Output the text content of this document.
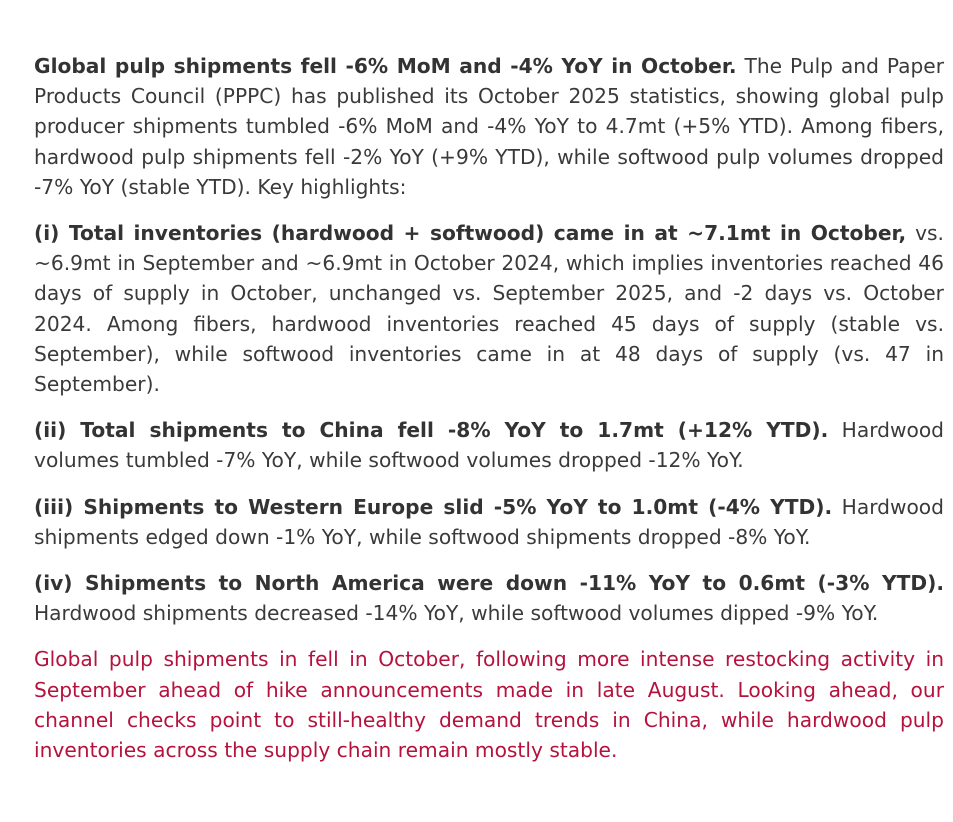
Global pulp shipments fell -6% MoM and -4% YoY in October. The Pulp and Paper Products Council (PPPC) has published its October 2025 statistics, showing global pulp producer shipments tumbled -6% MoM and -4% YoY to 4.7mt (+5% YTD). Among fibers, hardwood pulp shipments fell -2% YoY (+9% YTD), while softwood pulp volumes dropped -7% YoY (stable YTD). Key highlights:

(i) Total inventories (hardwood + softwood) came in at ~7.1mt in October, vs. ~6.9mt in September and ~6.9mt in October 2024, which implies inventories reached 46 days of supply in October, unchanged vs. September 2025, and -2 days vs. October 2024. Among fibers, hardwood inventories reached 45 days of supply (stable vs. September), while softwood inventories came in at 48 days of supply (vs. 47 in September).

(ii) Total shipments to China fell -8% YoY to 1.7mt (+12% YTD). Hardwood volumes tumbled -7% YoY, while softwood volumes dropped -12% YoY.

(iii) Shipments to Western Europe slid -5% YoY to 1.0mt (-4% YTD). Hardwood shipments edged down -1% YoY, while softwood shipments dropped -8% YoY.

(iv) Shipments to North America were down -11% YoY to 0.6mt (-3% YTD). Hardwood shipments decreased -14% YoY, while softwood volumes dipped -9% YoY.

Global pulp shipments in fell in October, following more intense restocking activity in September ahead of hike announcements made in late August. Looking ahead, our channel checks point to still-healthy demand trends in China, while hardwood pulp inventories across the supply chain remain mostly stable.
